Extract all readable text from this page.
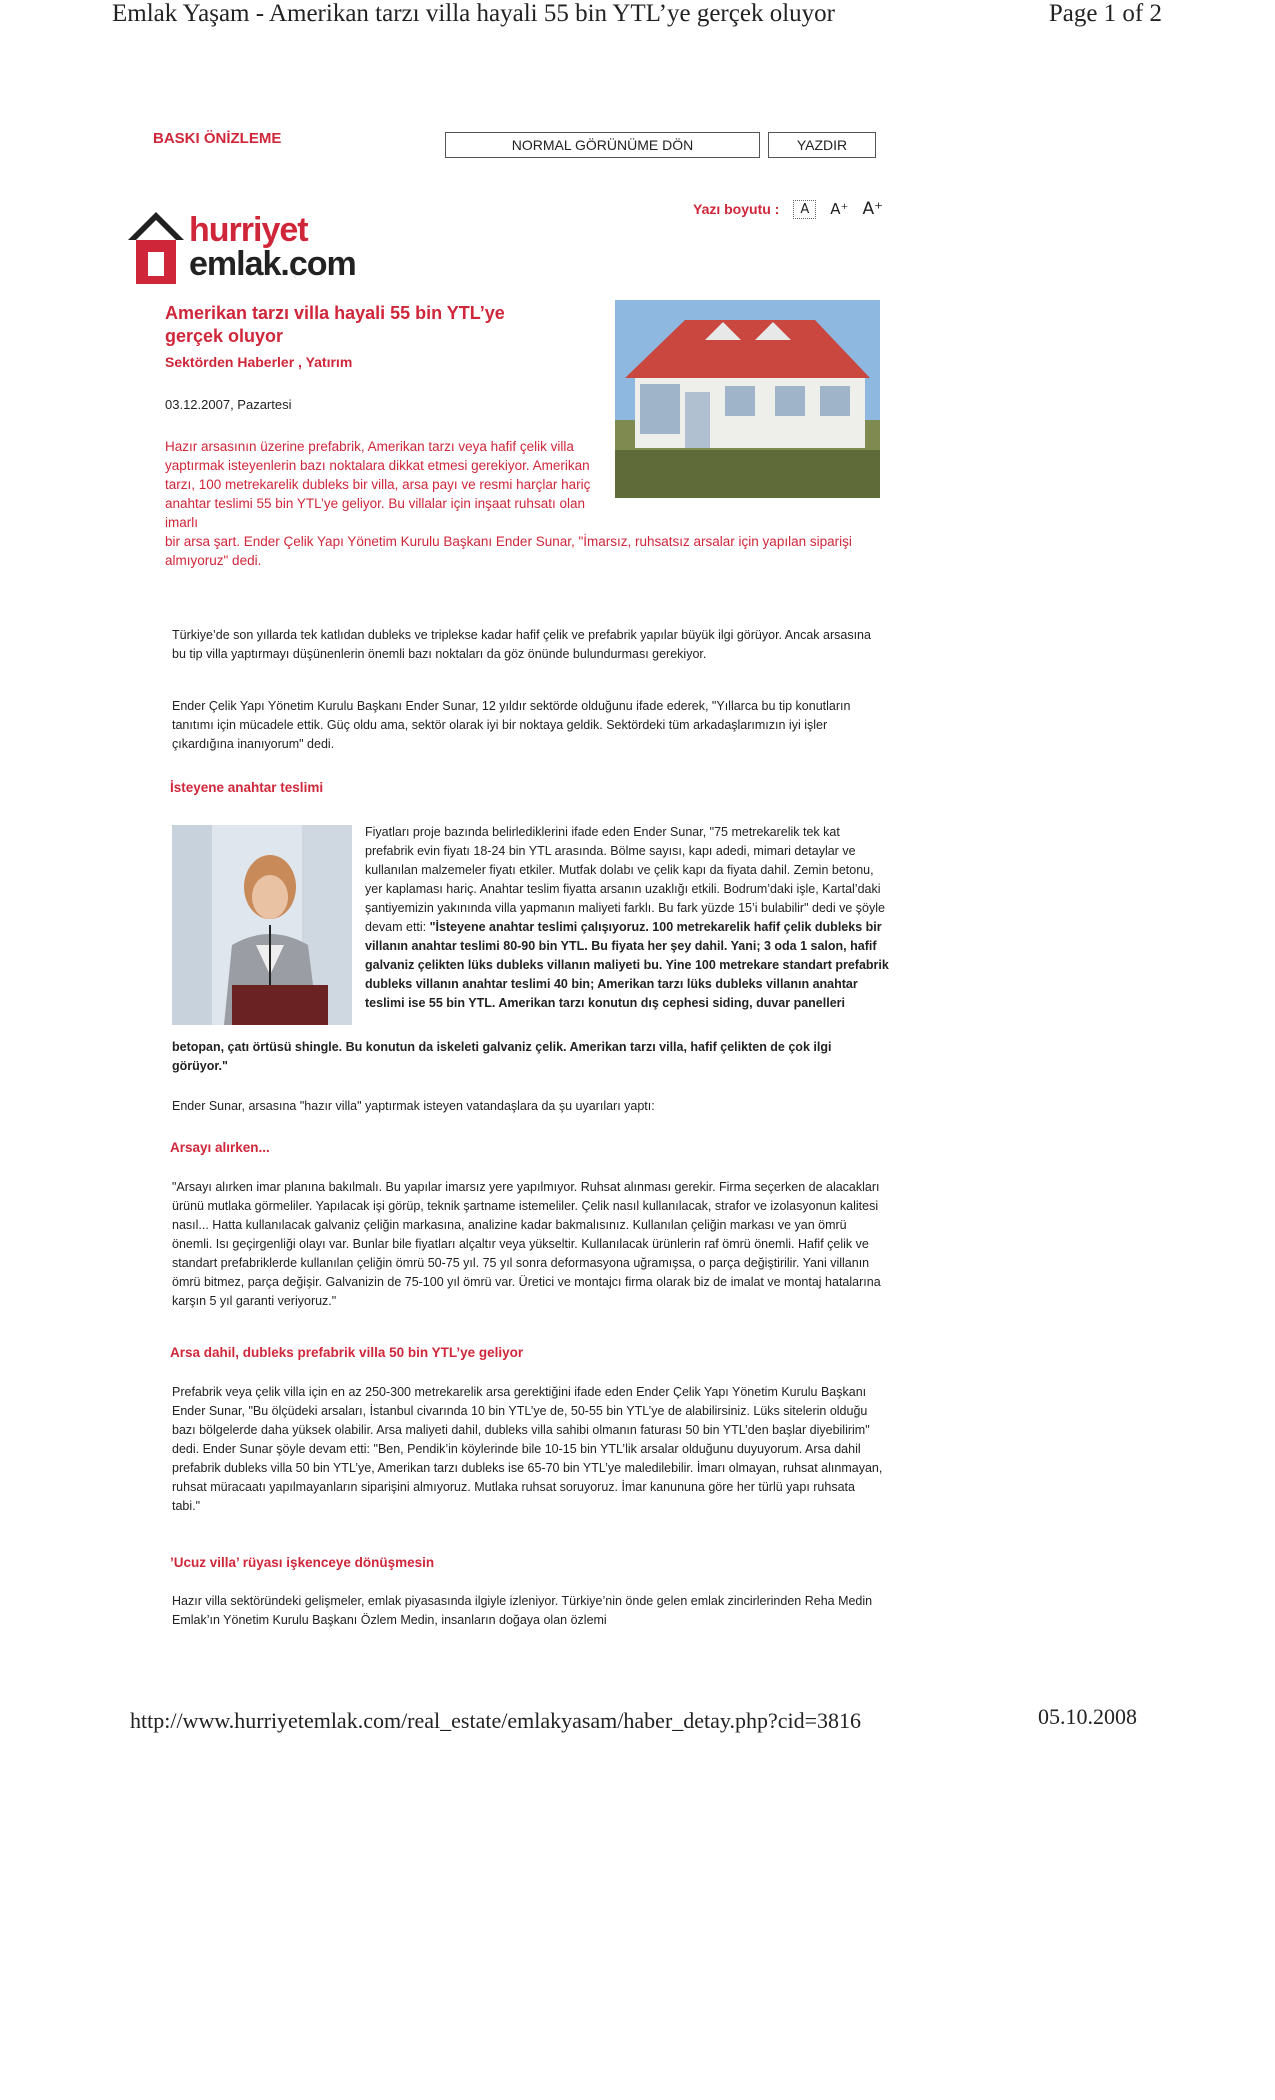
Emlak Yaşam - Amerikan tarzı villa hayali 55 bin YTL’ye gerçek oluyor	Page 1 of 2
BASKI ÖNİZLEME	NORMAL GÖRÜNÜME DÖN	YAZDIR
Yazı boyutu :	A	A⁺ A⁺
hurriyet
emlak.com
Amerikan tarzı villa hayali 55 bin YTL’ye gerçek oluyor
Sektörden Haberler , Yatırım
03.12.2007, Pazartesi
Hazır arsasının üzerine prefabrik, Amerikan tarzı veya hafif çelik villa yaptırmak isteyenlerin bazı noktalara dikkat etmesi gerekiyor. Amerikan tarzı, 100 metrekarelik dubleks bir villa, arsa payı ve resmi harçlar hariç anahtar teslimi 55 bin YTL’ye geliyor. Bu villalar için inşaat ruhsatı olan imarlı
bir arsa şart. Ender Çelik Yapı Yönetim Kurulu Başkanı Ender Sunar, "İmarsız, ruhsatsız arsalar için yapılan siparişi almıyoruz" dedi.
Türkiye’de son yıllarda tek katlıdan dubleks ve triplekse kadar hafif çelik ve prefabrik yapılar büyük ilgi görüyor. Ancak arsasına bu tip villa yaptırmayı düşünenlerin önemli bazı noktaları da göz önünde bulundurması gerekiyor.
Ender Çelik Yapı Yönetim Kurulu Başkanı Ender Sunar, 12 yıldır sektörde olduğunu ifade ederek, "Yıllarca bu tip konutların tanıtımı için mücadele ettik. Güç oldu ama, sektör olarak iyi bir noktaya geldik. Sektördeki tüm arkadaşlarımızın iyi işler çıkardığına inanıyorum" dedi.
İsteyene anahtar teslimi
Fiyatları proje bazında belirlediklerini ifade eden Ender Sunar, "75 metrekarelik tek kat prefabrik evin fiyatı 18-24 bin YTL arasında. Bölme sayısı, kapı adedi, mimari detaylar ve kullanılan malzemeler fiyatı etkiler. Mutfak dolabı ve çelik kapı da fiyata dahil. Zemin betonu, yer kaplaması hariç. Anahtar teslim fiyatta arsanın uzaklığı etkili. Bodrum’daki işle, Kartal’daki şantiyemizin yakınında villa yapmanın maliyeti farklı. Bu fark yüzde 15’i bulabilir" dedi ve şöyle devam etti: "İsteyene anahtar teslimi çalışıyoruz. 100 metrekarelik hafif çelik dubleks bir villanın anahtar teslimi 80-90 bin YTL. Bu fiyata her şey dahil. Yani; 3 oda 1 salon, hafif galvaniz çelikten lüks dubleks villanın maliyeti bu. Yine 100 metrekare standart prefabrik dubleks villanın anahtar teslimi 40 bin; Amerikan tarzı lüks dubleks villanın anahtar teslimi ise 55 bin YTL. Amerikan tarzı konutun dış cephesi siding, duvar panelleri
betopan, çatı örtüsü shingle. Bu konutun da iskeleti galvaniz çelik. Amerikan tarzı villa, hafif çelikten de çok ilgi görüyor."
Ender Sunar, arsasına "hazır villa" yaptırmak isteyen vatandaşlara da şu uyarıları yaptı:
Arsayı alırken...
"Arsayı alırken imar planına bakılmalı. Bu yapılar imarsız yere yapılmıyor. Ruhsat alınması gerekir. Firma seçerken de alacakları ürünü mutlaka görmeliler. Yapılacak işi görüp, teknik şartname istemeliler. Çelik nasıl kullanılacak, strafor ve izolasyonun kalitesi nasıl... Hatta kullanılacak galvaniz çeliğin markasına, analizine kadar bakmalısınız. Kullanılan çeliğin markası ve yan ömrü önemli. Isı geçirgenliği olayı var. Bunlar bile fiyatları alçaltır veya yükseltir. Kullanılacak ürünlerin raf ömrü önemli. Hafif çelik ve standart prefabriklerde kullanılan çeliğin ömrü 50-75 yıl. 75 yıl sonra deformasyona uğramışsa, o parça değiştirilir. Yani villanın ömrü bitmez, parça değişir. Galvanizin de 75-100 yıl ömrü var. Üretici ve montajcı firma olarak biz de imalat ve montaj hatalarına karşın 5 yıl garanti veriyoruz."
Arsa dahil, dubleks prefabrik villa 50 bin YTL’ye geliyor
Prefabrik veya çelik villa için en az 250-300 metrekarelik arsa gerektiğini ifade eden Ender Çelik Yapı Yönetim Kurulu Başkanı Ender Sunar, "Bu ölçüdeki arsaları, İstanbul civarında 10 bin YTL’ye de, 50-55 bin YTL’ye de alabilirsiniz. Lüks sitelerin olduğu bazı bölgelerde daha yüksek olabilir. Arsa maliyeti dahil, dubleks villa sahibi olmanın faturası 50 bin YTL’den başlar diyebilirim" dedi. Ender Sunar şöyle devam etti: "Ben, Pendik’in köylerinde bile 10-15 bin YTL’lik arsalar olduğunu duyuyorum. Arsa dahil prefabrik dubleks villa 50 bin YTL’ye, Amerikan tarzı dubleks ise 65-70 bin YTL’ye maledilebilir. İmarı olmayan, ruhsat alınmayan, ruhsat müracaatı yapılmayanların siparişini almıyoruz. Mutlaka ruhsat soruyoruz. İmar kanununa göre her türlü yapı ruhsata tabi."
’Ucuz villa’ rüyası işkenceye dönüşmesin
Hazır villa sektöründeki gelişmeler, emlak piyasasında ilgiyle izleniyor. Türkiye’nin önde gelen emlak zincirlerinden Reha Medin Emlak’ın Yönetim Kurulu Başkanı Özlem Medin, insanların doğaya olan özlemi
http://www.hurriyetemlak.com/real_estate/emlakyasam/haber_detay.php?cid=3816	05.10.2008
